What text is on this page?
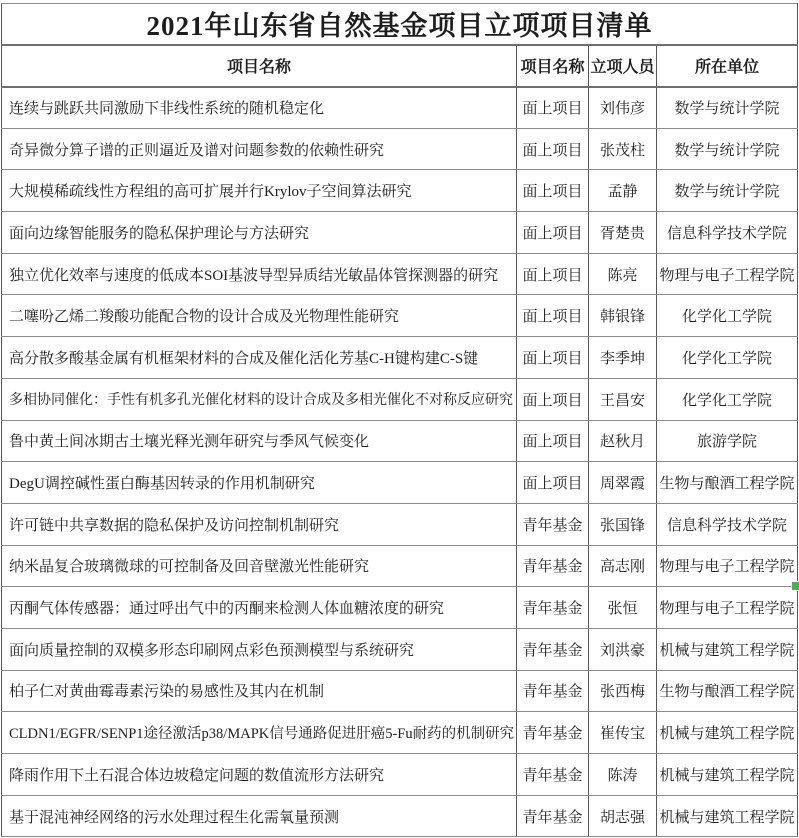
2021年山东省自然基金项目立项项目清单			
项目名称	项目名称	立项人员	所在单位
连续与跳跃共同激励下非线性系统的随机稳定化	面上项目	刘伟彦	数学与统计学院
奇异微分算子谱的正则逼近及谱对问题参数的依赖性研究	面上项目	张茂柱	数学与统计学院
大规模稀疏线性方程组的高可扩展并行Krylov子空间算法研究	面上项目	孟静	数学与统计学院
面向边缘智能服务的隐私保护理论与方法研究	面上项目	胥楚贵	信息科学技术学院
独立优化效率与速度的低成本SOI基波导型异质结光敏晶体管探测器的研究	面上项目	陈亮	物理与电子工程学院
二噻吩乙烯二羧酸功能配合物的设计合成及光物理性能研究	面上项目	韩银锋	化学化工学院
高分散多酸基金属有机框架材料的合成及催化活化芳基C-H键构建C-S键	面上项目	李季坤	化学化工学院
多相协同催化：手性有机多孔光催化材料的设计合成及多相光催化不对称反应研究	面上项目	王昌安	化学化工学院
鲁中黄土间冰期古土壤光释光测年研究与季风气候变化	面上项目	赵秋月	旅游学院
DegU调控碱性蛋白酶基因转录的作用机制研究	面上项目	周翠霞	生物与酿酒工程学院
许可链中共享数据的隐私保护及访问控制机制研究	青年基金	张国锋	信息科学技术学院
纳米晶复合玻璃微球的可控制备及回音壁激光性能研究	青年基金	高志刚	物理与电子工程学院
丙酮气体传感器：通过呼出气中的丙酮来检测人体血糖浓度的研究	青年基金	张恒	物理与电子工程学院
面向质量控制的双模多形态印刷网点彩色预测模型与系统研究	青年基金	刘洪豪	机械与建筑工程学院
柏子仁对黄曲霉毒素污染的易感性及其内在机制	青年基金	张西梅	生物与酿酒工程学院
CLDN1/EGFR/SENP1途径激活p38/MAPK信号通路促进肝癌5-Fu耐药的机制研究	青年基金	崔传宝	机械与建筑工程学院
降雨作用下土石混合体边坡稳定问题的数值流形方法研究	青年基金	陈涛	机械与建筑工程学院
基于混沌神经网络的污水处理过程生化需氧量预测	青年基金	胡志强	机械与建筑工程学院
